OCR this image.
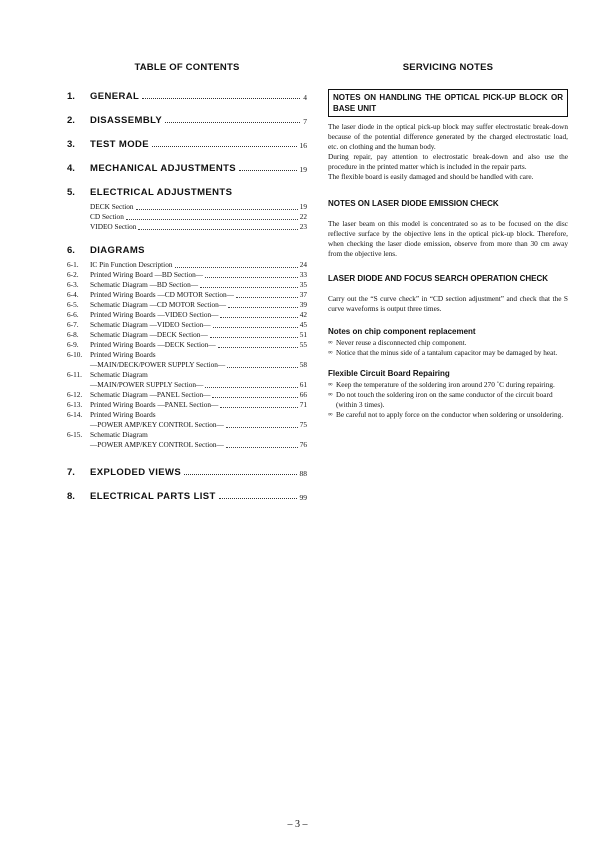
TABLE OF CONTENTS
1.	GENERAL	4
2.	DISASSEMBLY	7
3.	TEST MODE	16
4.	MECHANICAL ADJUSTMENTS	19
5.	ELECTRICAL ADJUSTMENTS
DECK Section	19
CD Section	22
VIDEO Section	23
6.	DIAGRAMS
6-1.	IC Pin Function Description	24
6-2.	Printed Wiring Board —BD Section—	33
6-3.	Schematic Diagram —BD Section—	35
6-4.	Printed Wiring Boards —CD MOTOR Section—	37
6-5.	Schematic Diagram —CD MOTOR Section—	39
6-6.	Printed Wiring Boards —VIDEO Section—	42
6-7.	Schematic Diagram —VIDEO Section—	45
6-8.	Schematic Diagram —DECK Section—	51
6-9.	Printed Wiring Boards —DECK Section—	55
6-10.	Printed Wiring Boards
—MAIN/DECK/POWER SUPPLY Section—	58
6-11.	Schematic Diagram
—MAIN/POWER SUPPLY Section—	61
6-12.	Schematic Diagram —PANEL Section—	66
6-13.	Printed Wiring Boards —PANEL Section—	71
6-14.	Printed Wiring Boards
—POWER AMP/KEY CONTROL Section—	75
6-15.	Schematic Diagram
—POWER AMP/KEY CONTROL Section—	76
7.	EXPLODED VIEWS	88
8.	ELECTRICAL PARTS LIST	99
SERVICING NOTES
NOTES ON HANDLING THE OPTICAL PICK-UP BLOCK OR BASE UNIT

The laser diode in the optical pick-up block may suffer electrostatic break-down because of the potential difference generated by the charged electrostatic load, etc. on clothing and the human body.

During repair, pay attention to electrostatic break-down and also use the procedure in the printed matter which is included in the repair parts.

The flexible board is easily damaged and should be handled with care.

NOTES ON LASER DIODE EMISSION CHECK

The laser beam on this model is concentrated so as to be focused on the disc reflective surface by the objective lens in the optical pick-up block. Therefore, when checking the laser diode emission, observe from more than 30 cm away from the objective lens.

LASER DIODE AND FOCUS SEARCH OPERATION CHECK

Carry out the “S curve check” in “CD section adjustment” and check that the S curve waveforms is output three times.

Notes on chip component replacement
∞ Never reuse a disconnected chip component.
∞ Notice that the minus side of a tantalum capacitor may be damaged by heat.
Flexible Circuit Board Repairing
∞ Keep the temperature of the soldering iron around 270 ˚C during repairing.
∞ Do not touch the soldering iron on the same conductor of the circuit board (within 3 times).
∞ Be careful not to apply force on the conductor when soldering or unsoldering.
– 3 –
